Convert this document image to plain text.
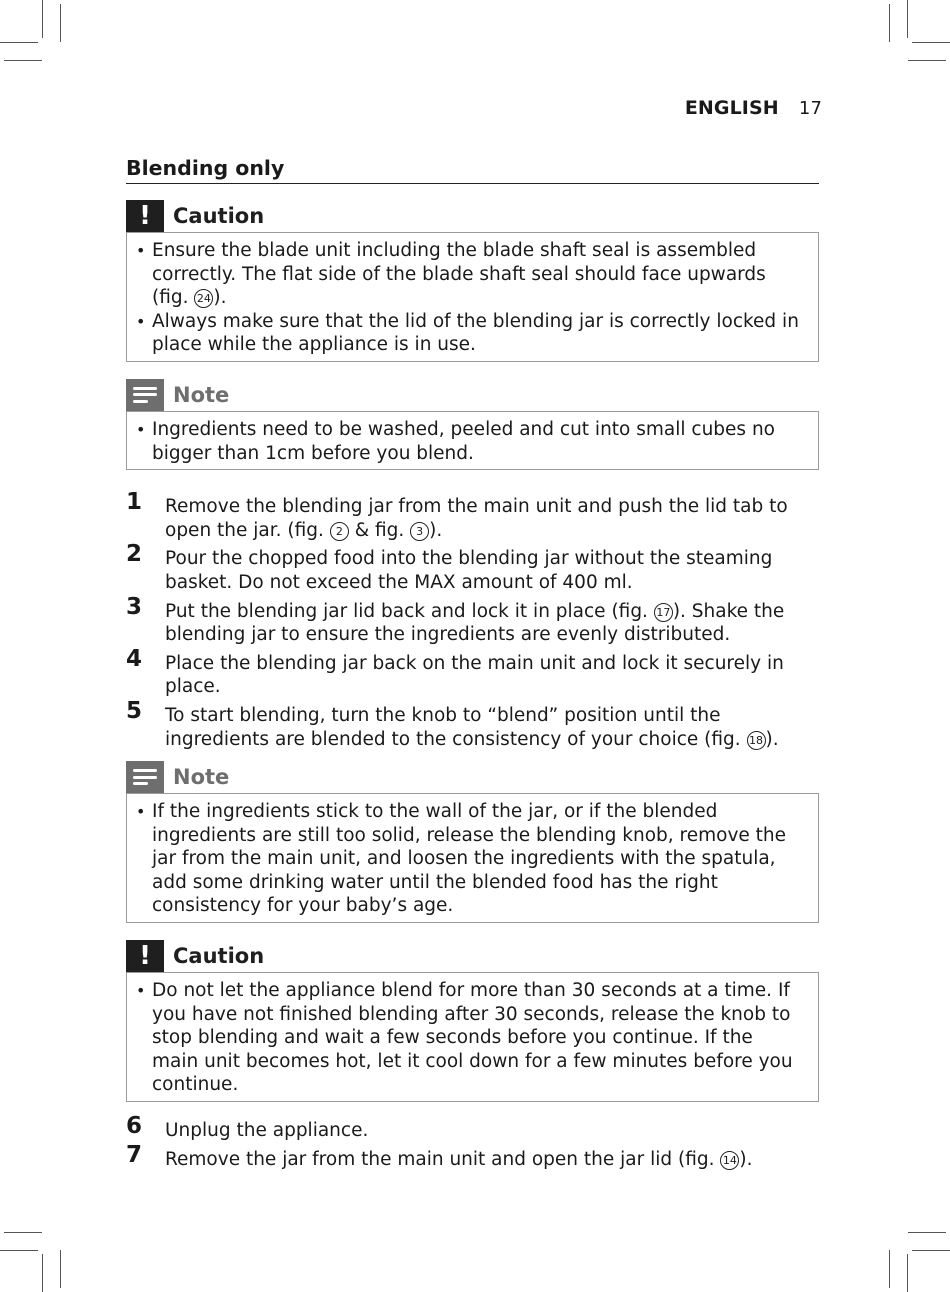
ENGLISH 17
Blending only
! Caution
• Ensure the blade unit including the blade shaft seal is assembled correctly. The flat side of the blade shaft seal should face upwards (fig. 24 ).
• Always make sure that the lid of the blending jar is correctly locked in place while the appliance is in use.
Note
• Ingredients need to be washed, peeled and cut into small cubes no bigger than 1cm before you blend.
1 Remove the blending jar from the main unit and push the lid tab to open the jar. (fig. 2 & fig. 3 ).
2 Pour the chopped food into the blending jar without the steaming basket. Do not exceed the MAX amount of 400 ml.
3 Put the blending jar lid back and lock it in place (fig. 17 ). Shake the blending jar to ensure the ingredients are evenly distributed.
4 Place the blending jar back on the main unit and lock it securely in place.
5 To start blending, turn the knob to “blend” position until the ingredients are blended to the consistency of your choice (fig. 18 ).
Note
• If the ingredients stick to the wall of the jar, or if the blended ingredients are still too solid, release the blending knob, remove the jar from the main unit, and loosen the ingredients with the spatula, add some drinking water until the blended food has the right consistency for your baby’s age.
! Caution
• Do not let the appliance blend for more than 30 seconds at a time. If you have not finished blending after 30 seconds, release the knob to stop blending and wait a few seconds before you continue. If the main unit becomes hot, let it cool down for a few minutes before you continue.
6 Unplug the appliance.
7 Remove the jar from the main unit and open the jar lid (fig. 14 ).
